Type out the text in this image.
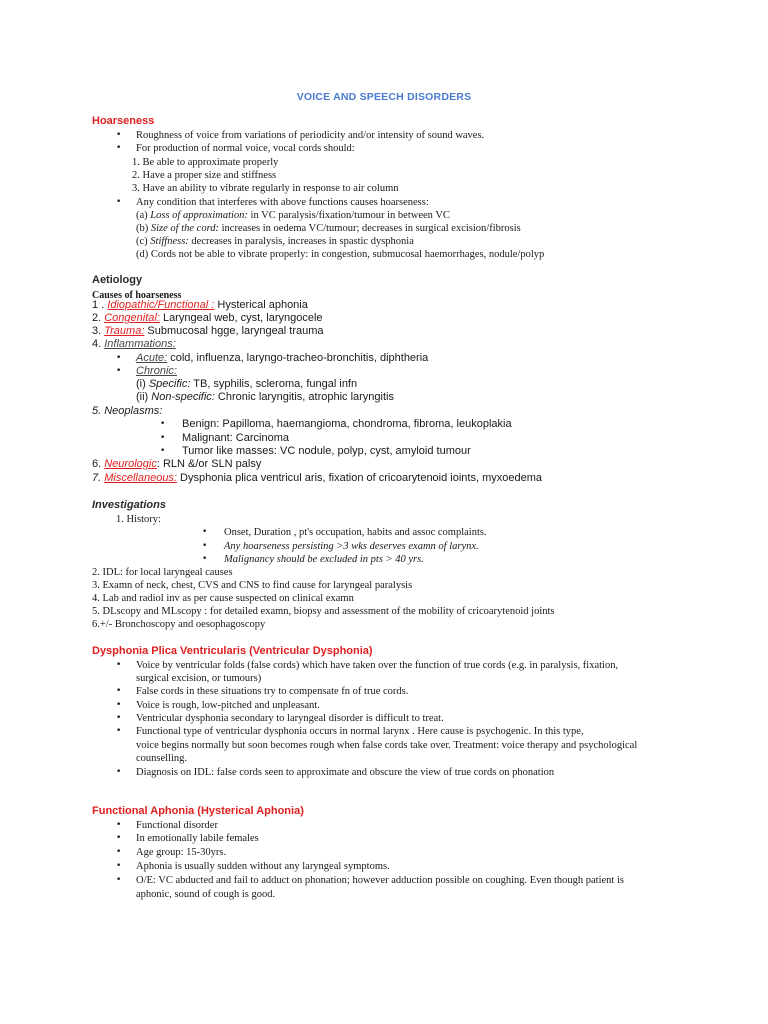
VOICE AND SPEECH DISORDERS
Hoarseness
• Roughness of voice from variations of periodicity and/or intensity of sound waves.
• For production of normal voice, vocal cords should:
1. Be able to approximate properly
2. Have a proper size and stiffness
3. Have an ability to vibrate regularly in response to air column
• Any condition that interferes with above functions causes hoarseness:
(a) Loss of approximation: in VC paralysis/fixation/tumour in between VC
(b) Size of the cord: increases in oedema VC/tumour; decreases in surgical excision/fibrosis
(c) Stiffness: decreases in paralysis, increases in spastic dysphonia
(d) Cords not be able to vibrate properly: in congestion, submucosal haemorrhages, nodule/polyp
Aetiology
Causes of hoarseness
1 . Idiopathic/Functional : Hysterical aphonia
2. Congenital: Laryngeal web, cyst, laryngocele
3. Trauma: Submucosal hgge, laryngeal trauma
4. Inflammations:
• Acute: cold, influenza, laryngo-tracheo-bronchitis, diphtheria
• Chronic:
(i) Specific: TB, syphilis, scleroma, fungal infn
(ii) Non-specific: Chronic laryngitis, atrophic laryngitis
5. Neoplasms:
• Benign: Papilloma, haemangioma, chondroma, fibroma, leukoplakia
• Malignant: Carcinoma
• Tumor like masses: VC nodule, polyp, cyst, amyloid tumour
6. Neurologic: RLN &/or SLN palsy
7. Miscellaneous: Dysphonia plica ventricul aris, fixation of cricoarytenoid ioints, myxoedema
Investigations
1. History:
• Onset, Duration , pt's occupation, habits and assoc complaints.
• Any hoarseness persisting >3 wks deserves examn of larynx.
• Malignancy should be excluded in pts > 40 yrs.
2. IDL: for local laryngeal causes
3. Examn of neck, chest, CVS and CNS to find cause for laryngeal paralysis
4. Lab and radiol inv as per cause suspected on clinical examn
5. DLscopy and MLscopy : for detailed examn, biopsy and assessment of the mobility of cricoarytenoid joints
6.+/- Bronchoscopy and oesophagoscopy
Dysphonia Plica Ventricularis (Ventricular Dysphonia)
• Voice by ventricular folds (false cords) which have taken over the function of true cords (e.g. in paralysis, fixation,
surgical excision, or tumours)
• False cords in these situations try to compensate fn of true cords.
• Voice is rough, low-pitched and unpleasant.
• Ventricular dysphonia secondary to laryngeal disorder is difficult to treat.
• Functional type of ventricular dysphonia occurs in normal larynx . Here cause is psychogenic. In this type,
voice begins normally but soon becomes rough when false cords take over. Treatment: voice therapy and psychological
counselling.
• Diagnosis on IDL: false cords seen to approximate and obscure the view of true cords on phonation
Functional Aphonia (Hysterical Aphonia)
• Functional disorder
• In emotionally labile females
• Age group: 15-30yrs.
• Aphonia is usually sudden without any laryngeal symptoms.
• O/E: VC abducted and fail to adduct on phonation; however adduction possible on coughing. Even though patient is
aphonic, sound of cough is good.
